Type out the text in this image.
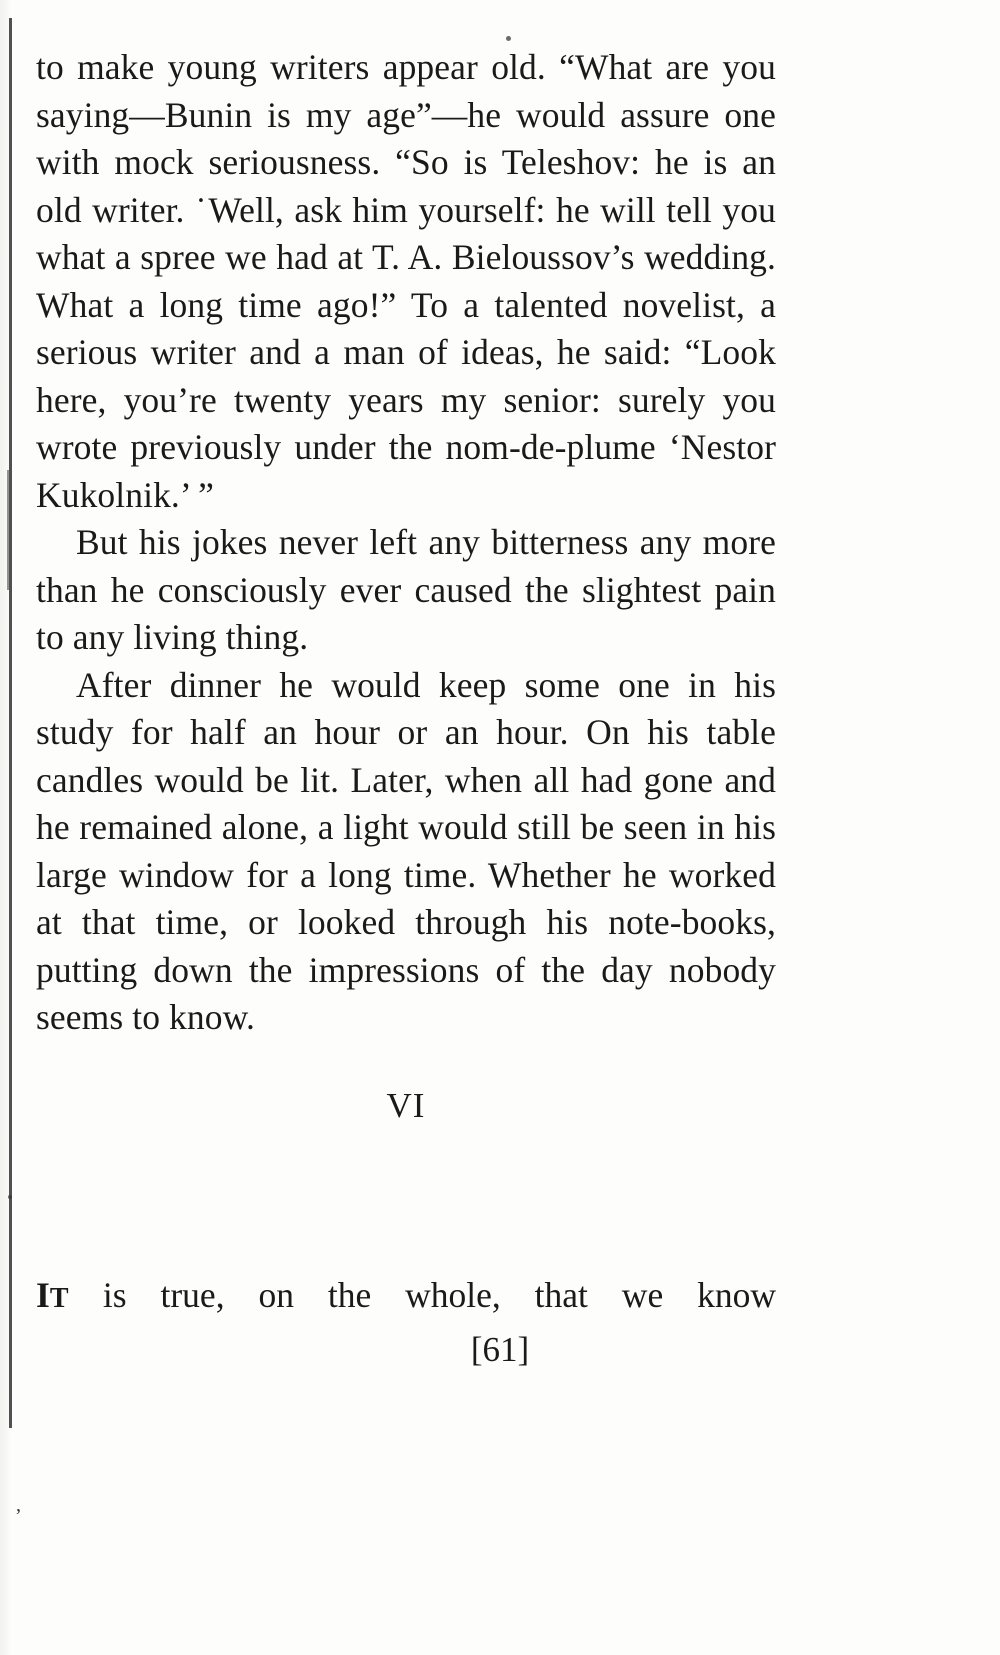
to make young writers appear old. “What are you saying—Bunin is my age”—he would assure one with mock seriousness. “So is Teleshov: he is an old writer. ˙Well, ask him yourself: he will tell you what a spree we had at T. A. Bieloussov’s wedding. What a long time ago!” To a talented novelist, a serious writer and a man of ideas, he said: “Look here, you’re twenty years my senior: surely you wrote previously under the nom-de-plume ‘Nestor Kukolnik.’ ”

But his jokes never left any bitterness any more than he consciously ever caused the slightest pain to any living thing.

After dinner he would keep some one in his study for half an hour or an hour. On his table candles would be lit. Later, when all had gone and he remained alone, a light would still be seen in his large window for a long time. Whether he worked at that time, or looked through his note-books, putting down the impressions of the day nobody seems to know.

VI
IT is true, on the whole, that we know
[61]
,
